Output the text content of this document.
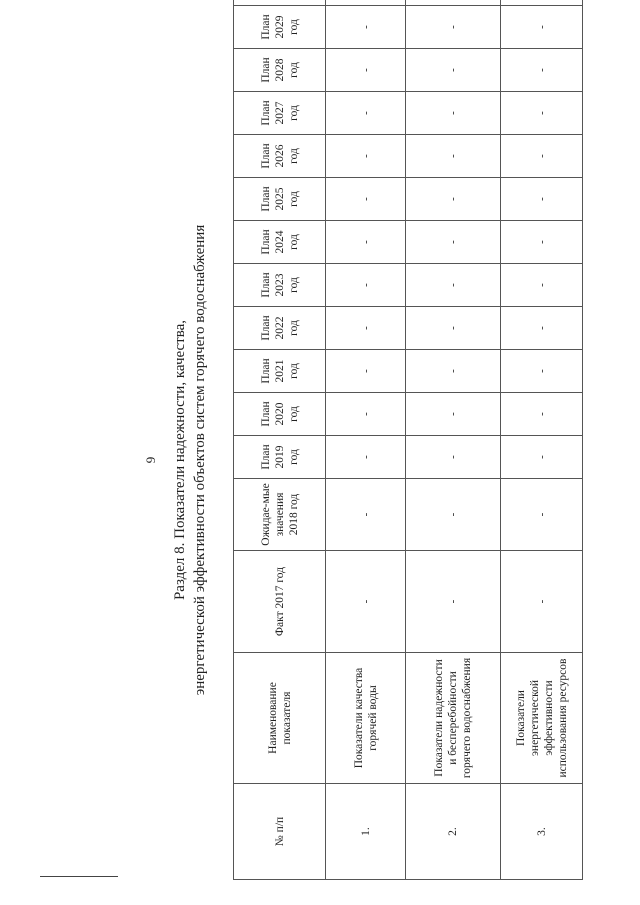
9 Раздел 8. Показатели надежности, качества, энергетической эффективности объектов систем горячего водоснабжения
№ п/п	Наименование показателя	Факт 2017 год	Ожидае-мые значения 2018 год	План 2019 год	План 2020 год	План 2021 год	План 2022 год	План 2023 год	План 2024 год	План 2025 год	План 2026 год	План 2027 год	План 2028 год	План 2029 год	
1.	Показатели качества горячей воды	-	-	-	-	-	-	-	-	-	-	-	-	-	
2.	Показатели надежности и бесперебойности горячего водоснабжения	-	-	-	-	-	-	-	-	-	-	-	-	-	
3.	Показатели энергетической эффективности использования ресурсов	-	-	-	-	-	-	-	-	-	-	-	-	-	
